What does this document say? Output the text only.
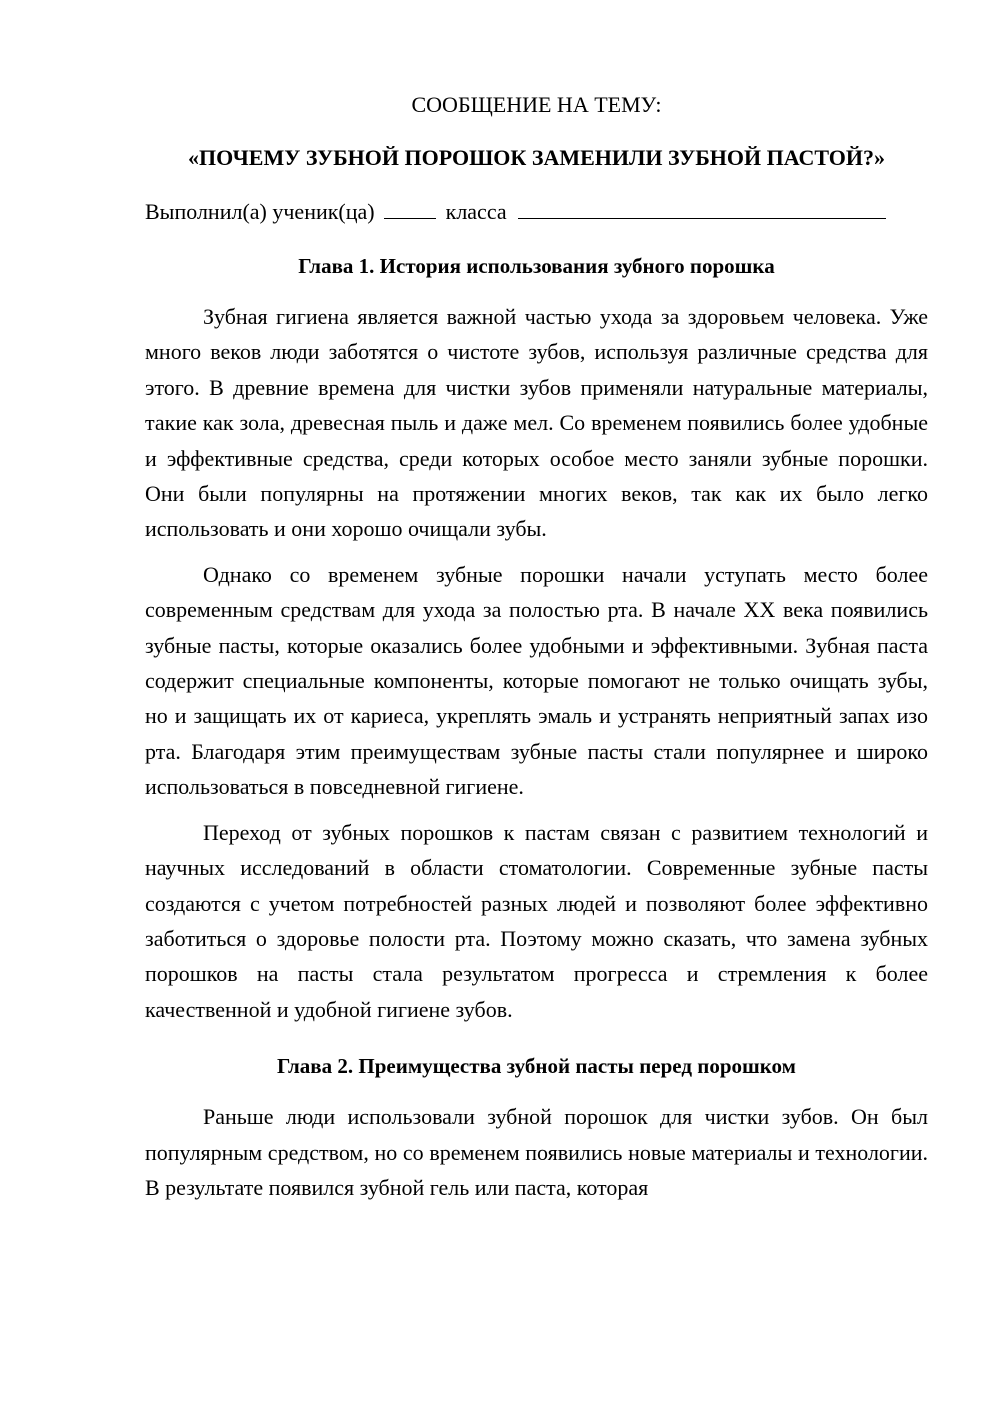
СООБЩЕНИЕ НА ТЕМУ:

«ПОЧЕМУ ЗУБНОЙ ПОРОШОК ЗАМЕНИЛИ ЗУБНОЙ ПАСТОЙ?»

Выполнил(а) ученик(ца)	класса
Глава 1. История использования зубного порошка

Зубная гигиена является важной частью ухода за здоровьем человека. Уже много веков люди заботятся о чистоте зубов, используя различные средства для этого. В древние времена для чистки зубов применяли натуральные материалы, такие как зола, древесная пыль и даже мел. Со временем появились более удобные и эффективные средства, среди которых особое место заняли зубные порошки. Они были популярны на протяжении многих веков, так как их было легко использовать и они хорошо очищали зубы.

Однако со временем зубные порошки начали уступать место более современным средствам для ухода за полостью рта. В начале XX века появились зубные пасты, которые оказались более удобными и эффективными. Зубная паста содержит специальные компоненты, которые помогают не только очищать зубы, но и защищать их от кариеса, укреплять эмаль и устранять неприятный запах изо рта. Благодаря этим преимуществам зубные пасты стали популярнее и широко использоваться в повседневной гигиене.

Переход от зубных порошков к пастам связан с развитием технологий и научных исследований в области стоматологии. Современные зубные пасты создаются с учетом потребностей разных людей и позволяют более эффективно заботиться о здоровье полости рта. Поэтому можно сказать, что замена зубных порошков на пасты стала результатом прогресса и стремления к более качественной и удобной гигиене зубов.

Глава 2. Преимущества зубной пасты перед порошком

Раньше люди использовали зубной порошок для чистки зубов. Он был популярным средством, но со временем появились новые материалы и технологии. В результате появился зубной гель или паста, которая
